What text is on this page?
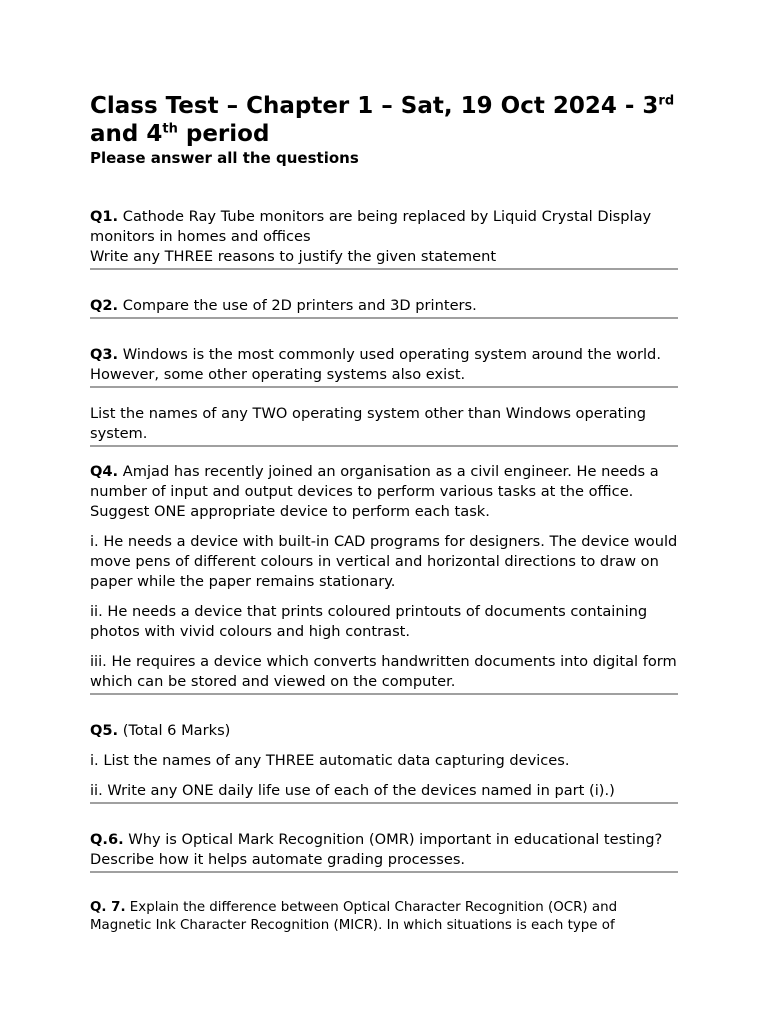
Class Test – Chapter 1 – Sat, 19 Oct 2024 - 3rd
and 4th period

Please answer all the questions

Q1. Cathode Ray Tube monitors are being replaced by Liquid Crystal Display monitors in homes and offices

Write any THREE reasons to justify the given statement

Q2. Compare the use of 2D printers and 3D printers.

Q3. Windows is the most commonly used operating system around the world. However, some other operating systems also exist.

List the names of any TWO operating system other than Windows operating system.

Q4. Amjad has recently joined an organisation as a civil engineer. He needs a number of input and output devices to perform various tasks at the office. Suggest ONE appropriate device to perform each task.

i. He needs a device with built-in CAD programs for designers. The device would move pens of different colours in vertical and horizontal directions to draw on paper while the paper remains stationary.

ii. He needs a device that prints coloured printouts of documents containing photos with vivid colours and high contrast.

iii. He requires a device which converts handwritten documents into digital form which can be stored and viewed on the computer.

Q5. (Total 6 Marks)

i. List the names of any THREE automatic data capturing devices.

ii. Write any ONE daily life use of each of the devices named in part (i).)

Q.6. Why is Optical Mark Recognition (OMR) important in educational testing? Describe how it helps automate grading processes.

Q. 7. Explain the difference between Optical Character Recognition (OCR) and Magnetic Ink Character Recognition (MICR). In which situations is each type of
